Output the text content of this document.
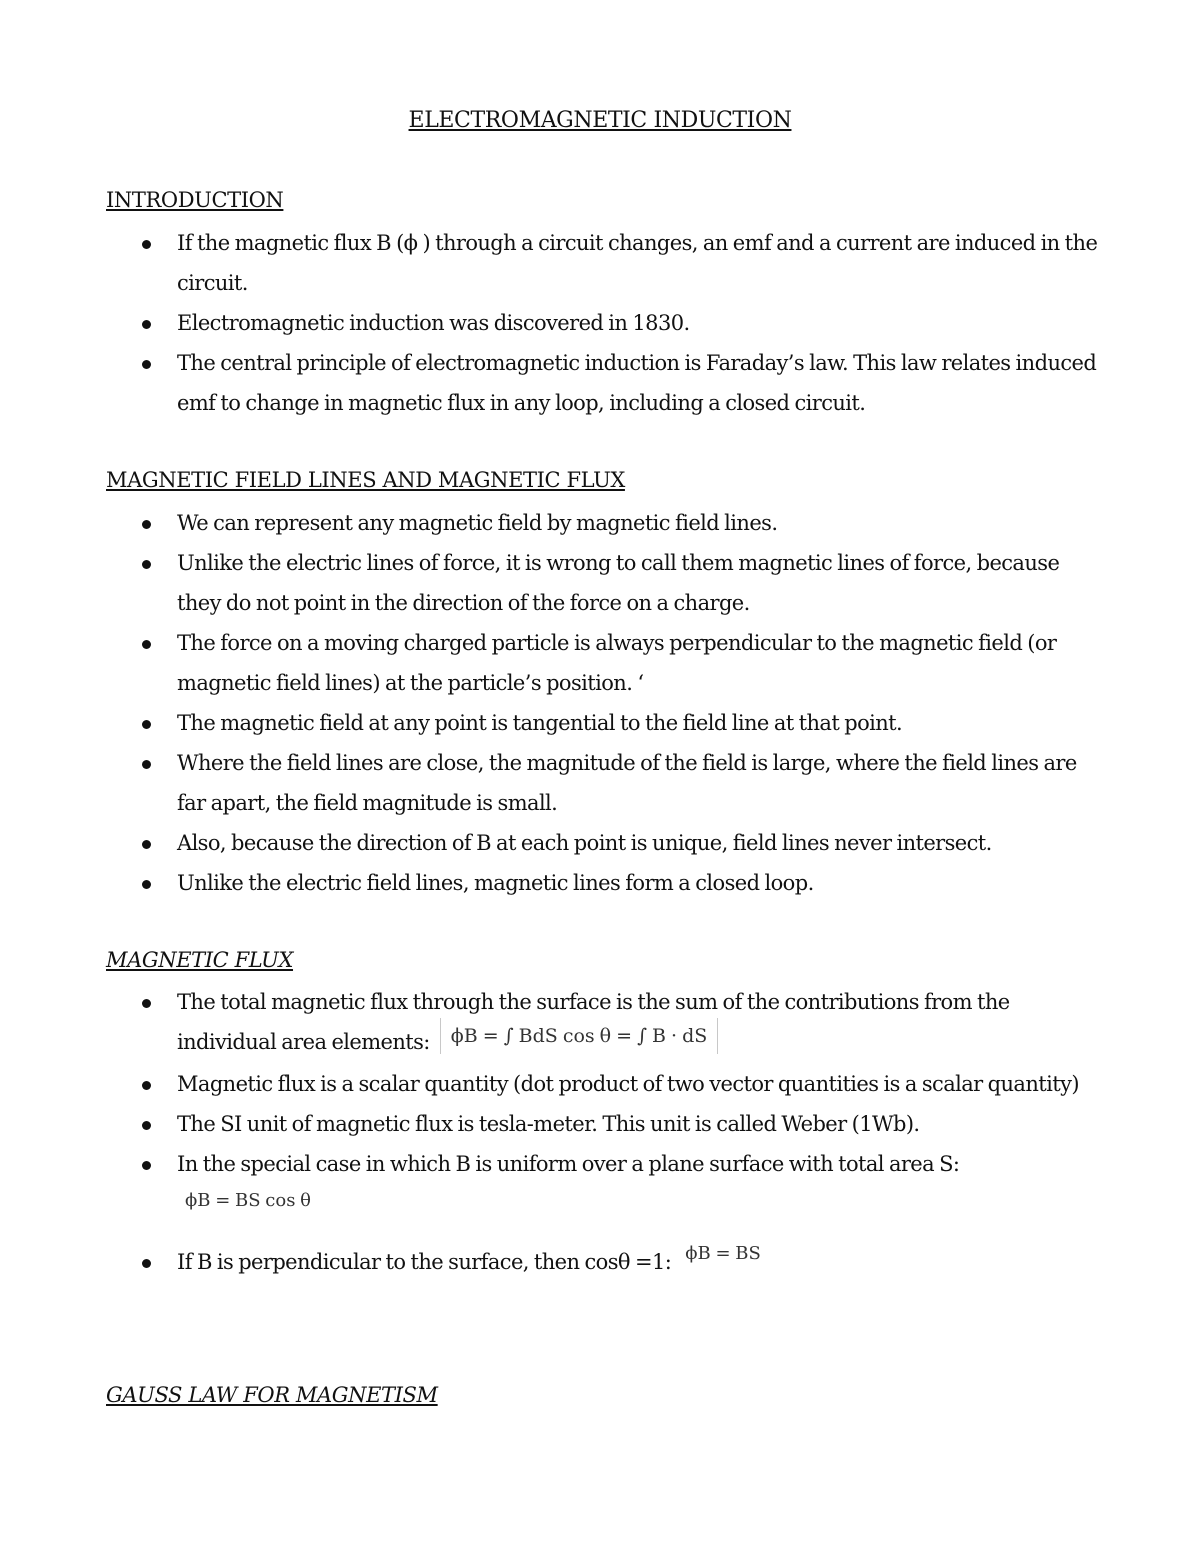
ELECTROMAGNETIC INDUCTION
INTRODUCTION
If the magnetic flux B (ϕ ) through a circuit changes, an emf and a current are induced in the circuit.
Electromagnetic induction was discovered in 1830.
The central principle of electromagnetic induction is Faraday’s law. This law relates induced emf to change in magnetic flux in any loop, including a closed circuit.
MAGNETIC FIELD LINES AND MAGNETIC FLUX
We can represent any magnetic field by magnetic field lines.
Unlike the electric lines of force, it is wrong to call them magnetic lines of force, because they do not point in the direction of the force on a charge.
The force on a moving charged particle is always perpendicular to the magnetic field (or magnetic field lines) at the particle’s position. ‘
The magnetic field at any point is tangential to the field line at that point.
Where the field lines are close, the magnitude of the field is large, where the field lines are far apart, the field magnitude is small.
Also, because the direction of B at each point is unique, field lines never intersect.
Unlike the electric field lines, magnetic lines form a closed loop.
MAGNETIC FLUX
The total magnetic flux through the surface is the sum of the contributions from the individual area elements: ϕB = ∫ BdS cos θ = ∫ B · dS
Magnetic flux is a scalar quantity (dot product of two vector quantities is a scalar quantity)
The SI unit of magnetic flux is tesla-meter. This unit is called Weber (1Wb).
In the special case in which B is uniform over a plane surface with total area S:
ϕB = BS cos θ
If B is perpendicular to the surface, then cosθ =1: ϕB = BS
GAUSS LAW FOR MAGNETISM
